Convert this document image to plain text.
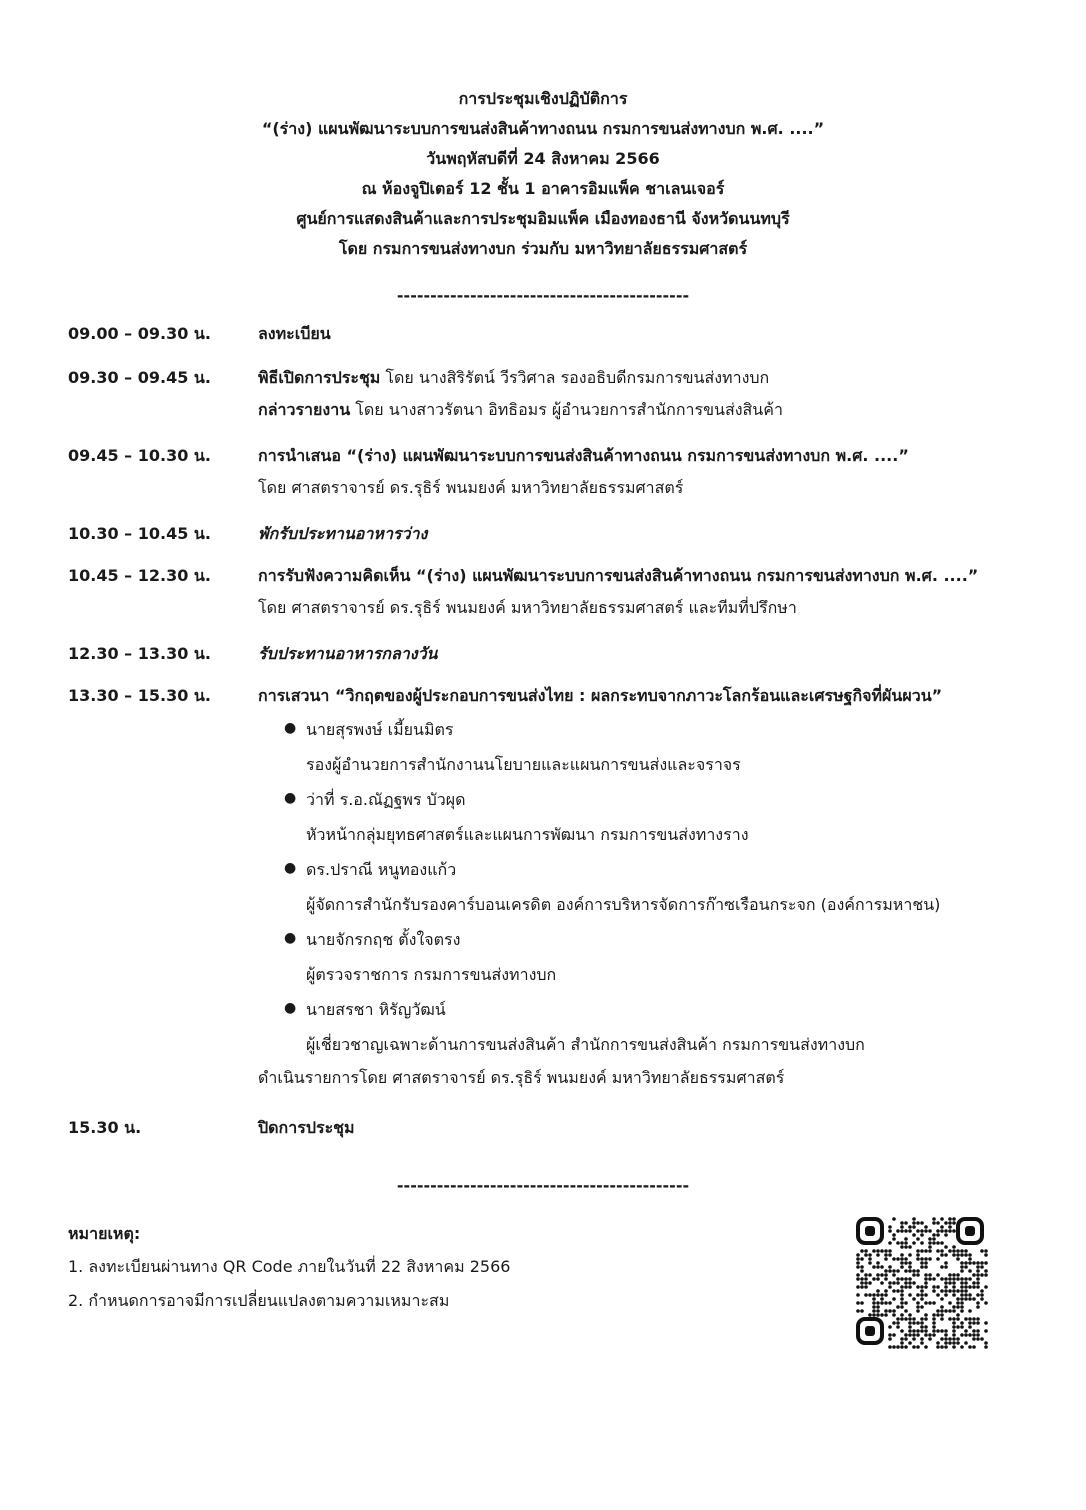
การประชุมเชิงปฏิบัติการ
“(ร่าง) แผนพัฒนาระบบการขนส่งสินค้าทางถนน กรมการขนส่งทางบก พ.ศ. ....”
วันพฤหัสบดีที่ 24 สิงหาคม 2566
ณ ห้องจูปิเตอร์ 12 ชั้น 1 อาคารอิมแพ็ค ชาเลนเจอร์
ศูนย์การแสดงสินค้าและการประชุมอิมแพ็ค เมืองทองธานี จังหวัดนนทบุรี
โดย กรมการขนส่งทางบก ร่วมกับ มหาวิทยาลัยธรรมศาสตร์
--------------------------------------------
09.00 – 09.30 น.	ลงทะเบียน
09.30 – 09.45 น.	พิธีเปิดการประชุม โดย นางสิริรัตน์ วีรวิศาล รองอธิบดีกรมการขนส่งทางบก
กล่าวรายงาน โดย นางสาวรัตนา อิทธิอมร ผู้อำนวยการสำนักการขนส่งสินค้า
09.45 – 10.30 น.	การนำเสนอ “(ร่าง) แผนพัฒนาระบบการขนส่งสินค้าทางถนน กรมการขนส่งทางบก พ.ศ. ....”
โดย ศาสตราจารย์ ดร.รุธิร์ พนมยงค์ มหาวิทยาลัยธรรมศาสตร์
10.30 – 10.45 น.	พักรับประทานอาหารว่าง
10.45 – 12.30 น.	การรับฟังความคิดเห็น “(ร่าง) แผนพัฒนาระบบการขนส่งสินค้าทางถนน กรมการขนส่งทางบก พ.ศ. ....”
โดย ศาสตราจารย์ ดร.รุธิร์ พนมยงค์ มหาวิทยาลัยธรรมศาสตร์ และทีมที่ปรึกษา
12.30 – 13.30 น.	รับประทานอาหารกลางวัน
13.30 – 15.30 น.	การเสวนา “วิกฤตของผู้ประกอบการขนส่งไทย : ผลกระทบจากภาวะโลกร้อนและเศรษฐกิจที่ผันผวน”
● นายสุรพงษ์ เมี้ยนมิตร
รองผู้อำนวยการสำนักงานนโยบายและแผนการขนส่งและจราจร
● ว่าที่ ร.อ.ณัฏฐพร บัวผุด
หัวหน้ากลุ่มยุทธศาสตร์และแผนการพัฒนา กรมการขนส่งทางราง
● ดร.ปราณี หนูทองแก้ว
ผู้จัดการสำนักรับรองคาร์บอนเครดิต องค์การบริหารจัดการก๊าซเรือนกระจก (องค์การมหาชน)
● นายจักรกฤช ตั้งใจตรง
ผู้ตรวจราชการ กรมการขนส่งทางบก
● นายสรชา หิรัญวัฒน์
ผู้เชี่ยวชาญเฉพาะด้านการขนส่งสินค้า สำนักการขนส่งสินค้า กรมการขนส่งทางบก
ดำเนินรายการโดย ศาสตราจารย์ ดร.รุธิร์ พนมยงค์ มหาวิทยาลัยธรรมศาสตร์
15.30 น.	ปิดการประชุม
--------------------------------------------
หมายเหตุ:
1. ลงทะเบียนผ่านทาง QR Code ภายในวันที่ 22 สิงหาคม 2566
2. กำหนดการอาจมีการเปลี่ยนแปลงตามความเหมาะสม
